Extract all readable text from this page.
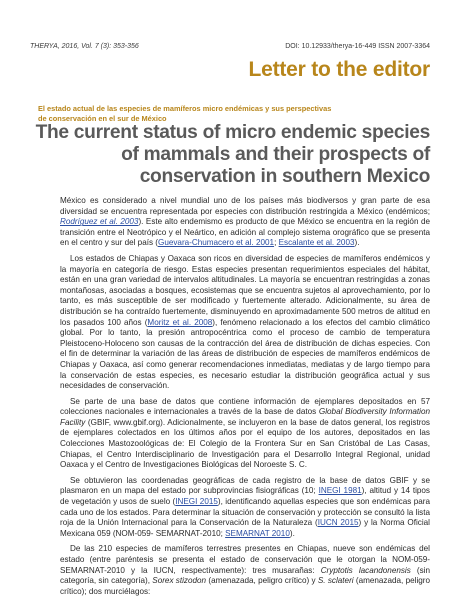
THERYA, 2016, Vol. 7 (3): 353-356	DOI: 10.12933/therya-16-449 ISSN 2007-3364
Letter to the editor
El estado actual de las especies de mamíferos micro endémicas y sus perspectivas de conservación en el sur de México
The current status of micro endemic species of mammals and their prospects of conservation in southern Mexico

México es considerado a nivel mundial uno de los países más biodiversos y gran parte de esa diversidad se encuentra representada por especies con distribución restringida a México (endémicos; Rodríguez et al. 2003). Este alto endemismo es producto de que México se encuentra en la región de transición entre el Neotrópico y el Neártico, en adición al complejo sistema orográfico que se presenta en el centro y sur del país (Guevara-Chumacero et al. 2001; Escalante et al. 2003).

Los estados de Chiapas y Oaxaca son ricos en diversidad de especies de mamíferos endémicos y la mayoría en categoría de riesgo. Estas especies presentan requerimientos especiales del hábitat, están en una gran variedad de intervalos altitudinales. La mayoría se encuentran restringidas a zonas montañosas, asociadas a bosques, ecosistemas que se encuentra sujetos al aprovechamiento, por lo tanto, es más susceptible de ser modificado y fuertemente alterado. Adicionalmente, su área de distribución se ha contraído fuertemente, disminuyendo en aproximadamente 500 metros de altitud en los pasados 100 años (Moritz et al. 2008), fenómeno relacionado a los efectos del cambio climático global. Por lo tanto, la presión antropocéntrica como el proceso de cambio de temperatura Pleistoceno-Holoceno son causas de la contracción del área de distribución de dichas especies. Con el fin de determinar la variación de las áreas de distribución de especies de mamíferos endémicos de Chiapas y Oaxaca, así como generar recomendaciones inmediatas, mediatas y de largo tiempo para la conservación de estas especies, es necesario estudiar la distribución geográfica actual y sus necesidades de conservación.

Se parte de una base de datos que contiene información de ejemplares depositados en 57 colecciones nacionales e internacionales a través de la base de datos Global Biodiversity Information Facility (GBIF, www.gbif.org). Adicionalmente, se incluyeron en la base de datos general, los registros de ejemplares colectados en los últimos años por el equipo de los autores, depositados en las Colecciones Mastozoológicas de: El Colegio de la Frontera Sur en San Cristóbal de Las Casas, Chiapas, el Centro Interdisciplinario de Investigación para el Desarrollo Integral Regional, unidad Oaxaca y el Centro de Investigaciones Biológicas del Noroeste S. C.

Se obtuvieron las coordenadas geográficas de cada registro de la base de datos GBIF y se plasmaron en un mapa del estado por subprovincias fisiográficas (10; INEGI 1981), altitud y 14 tipos de vegetación y usos de suelo (INEGI 2015), identificando aquellas especies que son endémicas para cada uno de los estados. Para determinar la situación de conservación y protección se consultó la lista roja de la Unión Internacional para la Conservación de la Naturaleza (IUCN 2015) y la Norma Oficial Mexicana 059 (NOM-059- SEMARNAT-2010; SEMARNAT 2010).

De las 210 especies de mamíferos terrestres presentes en Chiapas, nueve son endémicas del estado (entre paréntesis se presenta el estado de conservación que le otorgan la NOM-059-SEMARNAT-2010 y la IUCN, respectivamente): tres musarañas: Cryptotis lacandonensis (sin categoría, sin categoría), Sorex stizodon (amenazada, peligro crítico) y S. sclateri (amenazada, peligro crítico); dos murciélagos:
